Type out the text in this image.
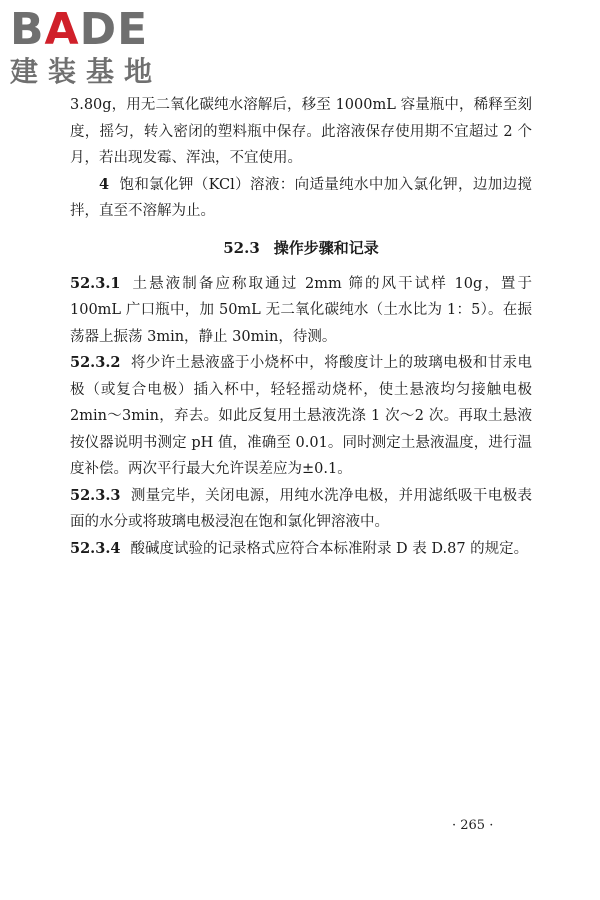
BADE
建装基地

3.80g，用无二氧化碳纯水溶解后，移至 1000mL 容量瓶中，稀释至刻度，摇匀，转入密闭的塑料瓶中保存。此溶液保存使用期不宜超过 2 个月，若出现发霉、浑浊，不宜使用。

4 饱和氯化钾（KCl）溶液：向适量纯水中加入氯化钾，边加边搅拌，直至不溶解为止。

52.3 操作步骤和记录

52.3.1 土悬液制备应称取通过 2mm 筛的风干试样 10g，置于 100mL 广口瓶中，加 50mL 无二氧化碳纯水（土水比为 1：5）。在振荡器上振荡 3min，静止 30min，待测。

52.3.2 将少许土悬液盛于小烧杯中，将酸度计上的玻璃电极和甘汞电极（或复合电极）插入杯中，轻轻摇动烧杯，使土悬液均匀接触电极 2min～3min，弃去。如此反复用土悬液洗涤 1 次～2 次。再取土悬液按仪器说明书测定 pH 值，准确至 0.01。同时测定土悬液温度，进行温度补偿。两次平行最大允许误差应为±0.1。

52.3.3 测量完毕，关闭电源，用纯水洗净电极，并用滤纸吸干电极表面的水分或将玻璃电极浸泡在饱和氯化钾溶液中。

52.3.4 酸碱度试验的记录格式应符合本标准附录 D 表 D.87 的规定。

· 265 ·
